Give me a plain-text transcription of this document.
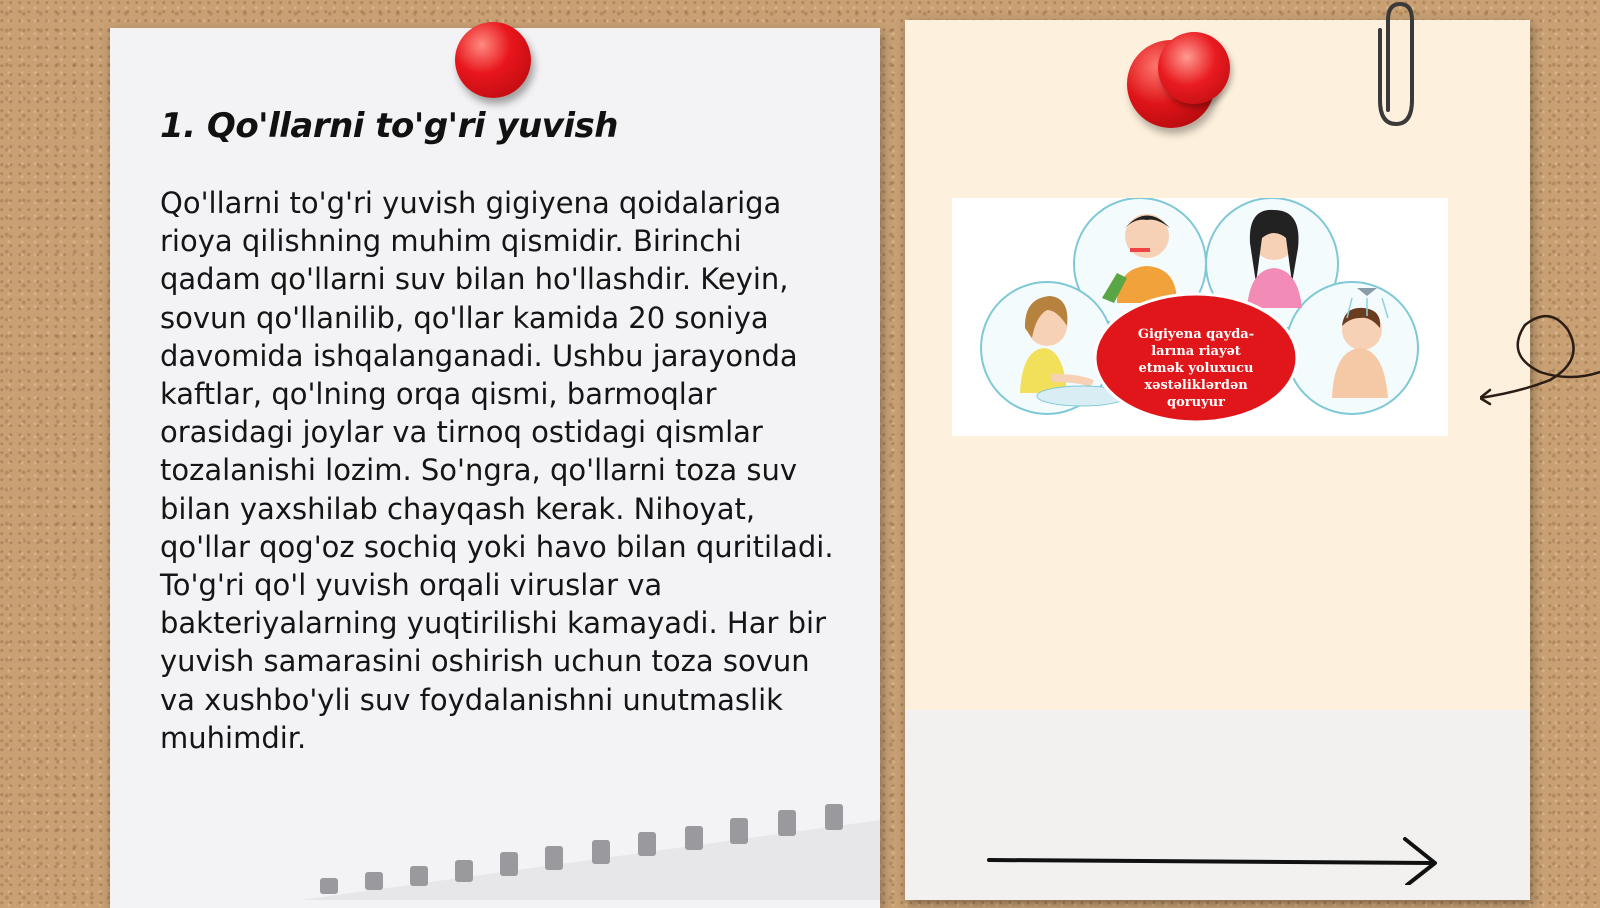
1. Qo'llarni to'g'ri yuvish

Qo'llarni to'g'ri yuvish gigiyena qoidalariga rioya qilishning muhim qismidir. Birinchi qadam qo'llarni suv bilan ho'llashdir. Keyin, sovun qo'llanilib, qo'llar kamida 20 soniya davomida ishqalanganadi. Ushbu jarayonda kaftlar, qo'lning orqa qismi, barmoqlar orasidagi joylar va tirnoq ostidagi qismlar tozalanishi lozim. So'ngra, qo'llarni toza suv bilan yaxshilab chayqash kerak. Nihoyat, qo'llar qog'oz sochiq yoki havo bilan quritiladi. To'g'ri qo'l yuvish orqali viruslar va bakteriyalarning yuqtirilishi kamayadi. Har bir yuvish samarasini oshirish uchun toza sovun va xushbo'yli suv foydalanishni unutmaslik muhimdir.

Gigiyena qayda-
larına riayət
etmək yoluxucu
xəstəliklərdən
qoruyur
